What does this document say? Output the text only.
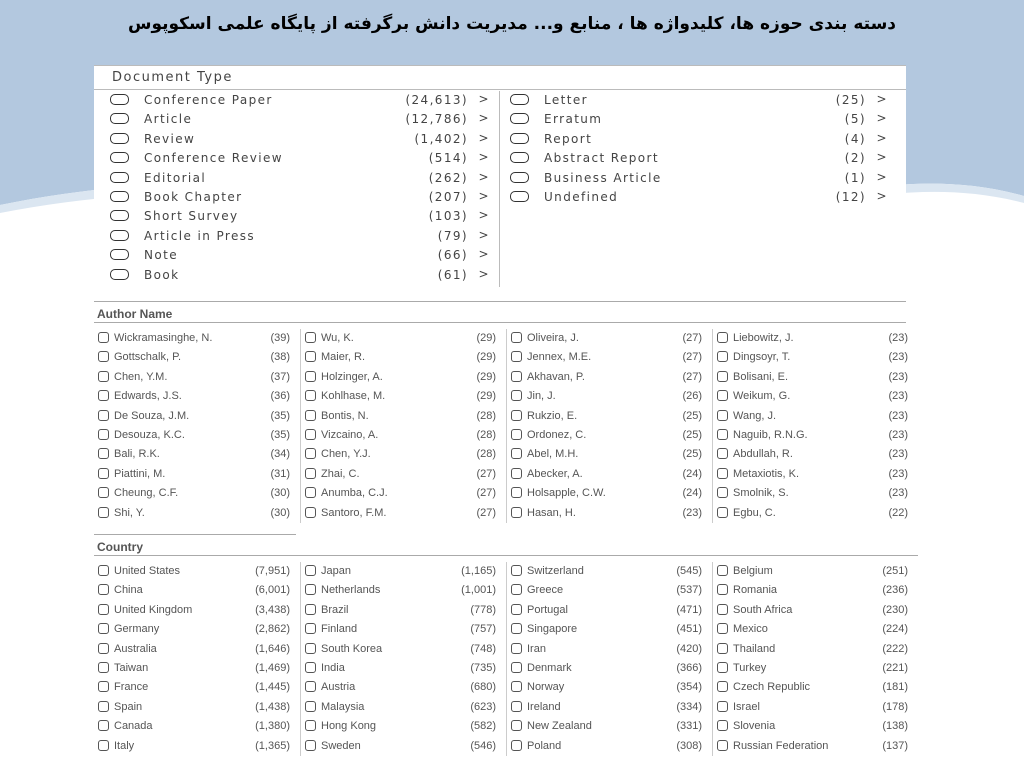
دسته بندی حوزه ها، کلیدواژه ها ، منابع و... مدیریت دانش برگرفته از پایگاه علمی اسکوپوس
Document Type
Conference Paper	(24,613) >
Article	(12,786) >
Review	(1,402) >
Conference Review	(514) >
Editorial	(262) >
Book Chapter	(207) >
Short Survey	(103) >
Article in Press	(79) >
Note	(66) >
Book	(61) >
Letter	(25) >
Erratum	(5) >
Report	(4) >
Abstract Report	(2) >
Business Article	(1) >
Undefined	(12) >
Author Name
Wickramasinghe, N.	(39)
Gottschalk, P.	(38)
Chen, Y.M.	(37)
Edwards, J.S.	(36)
De Souza, J.M.	(35)
Desouza, K.C.	(35)
Bali, R.K.	(34)
Piattini, M.	(31)
Cheung, C.F.	(30)
Shi, Y.	(30)
Wu, K.	(29)
Maier, R.	(29)
Holzinger, A.	(29)
Kohlhase, M.	(29)
Bontis, N.	(28)
Vizcaino, A.	(28)
Chen, Y.J.	(28)
Zhai, C.	(27)
Anumba, C.J.	(27)
Santoro, F.M.	(27)
Oliveira, J.	(27)
Jennex, M.E.	(27)
Akhavan, P.	(27)
Jin, J.	(26)
Rukzio, E.	(25)
Ordonez, C.	(25)
Abel, M.H.	(25)
Abecker, A.	(24)
Holsapple, C.W.	(24)
Hasan, H.	(23)
Liebowitz, J.	(23)
Dingsoyr, T.	(23)
Bolisani, E.	(23)
Weikum, G.	(23)
Wang, J.	(23)
Naguib, R.N.G.	(23)
Abdullah, R.	(23)
Metaxiotis, K.	(23)
Smolnik, S.	(23)
Egbu, C.	(22)
Country
United States	(7,951)
China	(6,001)
United Kingdom	(3,438)
Germany	(2,862)
Australia	(1,646)
Taiwan	(1,469)
France	(1,445)
Spain	(1,438)
Canada	(1,380)
Italy	(1,365)
Japan	(1,165)
Netherlands	(1,001)
Brazil	(778)
Finland	(757)
South Korea	(748)
India	(735)
Austria	(680)
Malaysia	(623)
Hong Kong	(582)
Sweden	(546)
Switzerland	(545)
Greece	(537)
Portugal	(471)
Singapore	(451)
Iran	(420)
Denmark	(366)
Norway	(354)
Ireland	(334)
New Zealand	(331)
Poland	(308)
Belgium	(251)
Romania	(236)
South Africa	(230)
Mexico	(224)
Thailand	(222)
Turkey	(221)
Czech Republic	(181)
Israel	(178)
Slovenia	(138)
Russian Federation	(137)
